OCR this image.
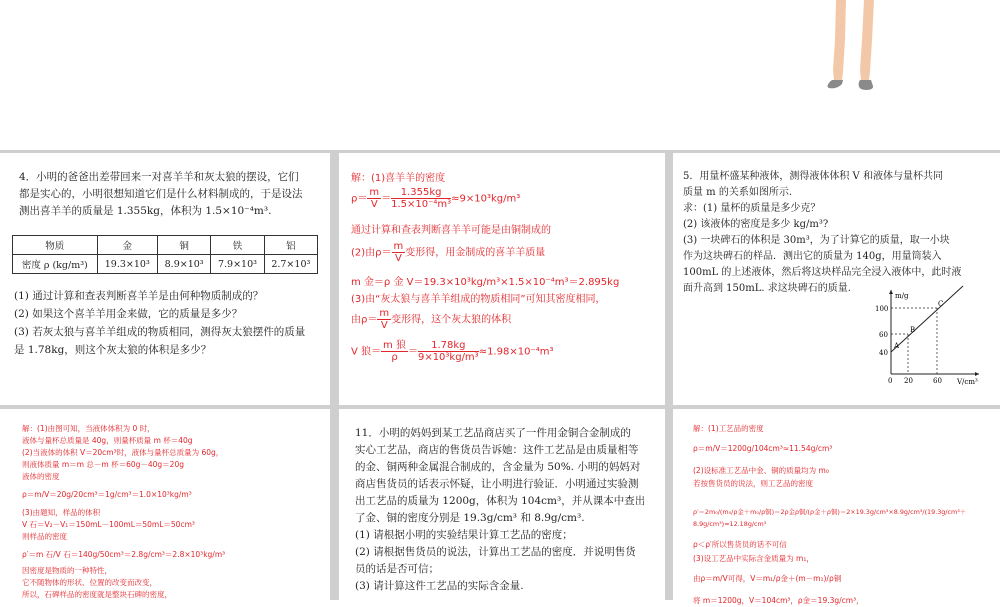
4．小明的爸爸出差带回来一对喜羊羊和灰太狼的摆设，它们

都是实心的，小明很想知道它们是什么材料制成的，于是设法
测出喜羊羊的质量是 1.355kg，体积为 1.5×10⁻⁴m³.
物质	金	铜	铁	铝
密度 ρ (kg/m³)	19.3×10³	8.9×10³	7.9×10³	2.7×10³
(1) 通过计算和查表判断喜羊羊是由何种物质制成的？
(2) 如果这个喜羊羊用金来做，它的质量是多少？
(3) 若灰太狼与喜羊羊组成的物质相同，测得灰太狼摆件的质量
是 1.78kg，则这个灰太狼的体积是多少？
解：(1)喜羊羊的密度
$\rho= \frac{m}{V} = \frac{1.355kg}{\text{1.5×10⁻⁴m³}} \approx 9\times 10^3kg/m^3$
通过计算和查表判断喜羊羊可能是由铜制成的
(2)由$\rho= \frac{m}{V}$ 变形得，用金制成的喜羊羊质量
m 金＝ρ 金 V＝19.3×10³kg/m³×1.5×10⁻⁴m³＝2.895kg
(3)由“灰太狼与喜羊羊组成的物质相同”可知其密度相同，
由$\rho= \frac{m}{V}$ 变形得，这个灰太狼的体积
V 狼＝ $\frac{\text{m 狼}}{\rho} = \frac{1.78kg}{\text{9×10³kg/m³}} \approx 1.98\times 10^{-4}m^3$
5．用量杯盛某种液体，测得液体体积 V 和液体与量杯共同
质量 m 的关系如图所示.
求：(1) 量杯的质量是多少克？
(2) 该液体的密度是多少 kg/m³?
(3) 一块碑石的体积是 30m³，为了计算它的质量，取一小块
作为这块碑石的样品．测出它的质量为 140g，用量筒装入
100mL 的上述液体，然后将这块样品完全浸入液体中，此时液
面升高到 150mL. 求这块碑石的质量.
m/g
V/cm³
100
60
40
0 20	60
A
B
C
解：(1)由图可知，当液体体积为 0 时，
液体与量杯总质量是 40g，则量杯质量 m 杯＝40g
(2)当液体的体积 V＝20cm³时，液体与量杯总质量为 60g，
则液体质量 m＝m 总－m 杯＝60g－40g＝20g
液体的密度
ρ＝m/V＝20g/20cm³＝1g/cm³＝1.0×10³kg/m³
(3)由题知，样品的体积
V 石＝V₂－V₁＝150mL－100mL＝50mL＝50cm³
则样品的密度
ρ′＝m 石/V 石＝140g/50cm³＝2.8g/cm³＝2.8×10³kg/m³
因密度是物质的一种特性，
它不随物体的形状、位置的改变而改变，
所以，石碑样品的密度就是整块石碑的密度，
11．小明的妈妈到某工艺品商店买了一件用金铜合金制成的
实心工艺品，商店的售货员告诉她：这件工艺品是由质量相等
的金、铜两种金属混合制成的，含金量为 50%. 小明的妈妈对
商店售货员的话表示怀疑，让小明进行验证．小明通过实验测
出工艺品的质量为 1200g，体积为 104cm³，并从课本中查出
了金、铜的密度分别是 19.3g/cm³ 和 8.9g/cm³.
(1) 请根据小明的实验结果计算工艺品的密度；
(2) 请根据售货员的说法，计算出工艺品的密度．并说明售货
员的话是否可信；
(3) 请计算这件工艺品的实际含金量.
解：(1)工艺品的密度
ρ＝m/V＝1200g/104cm³≈11.54g/cm³
(2)设标准工艺品中金、铜的质量均为 m₀
若按售货员的说法，则工艺品的密度
ρ′＝2m₀/(m₀/ρ金＋m₀/ρ铜)＝2ρ金ρ铜/(ρ金＋ρ铜)＝2×19.3g/cm³×8.9g/cm³/(19.3g/cm³＋8.9g/cm³)≈12.18g/cm³
ρ＜ρ′所以售货员的话不可信
(3)设工艺品中实际含金质量为 m₁，
由ρ＝m/V可得，V＝m₁/ρ金＋(m－m₁)/ρ铜
将 m＝1200g，V＝104cm³，ρ金＝19.3g/cm³，
